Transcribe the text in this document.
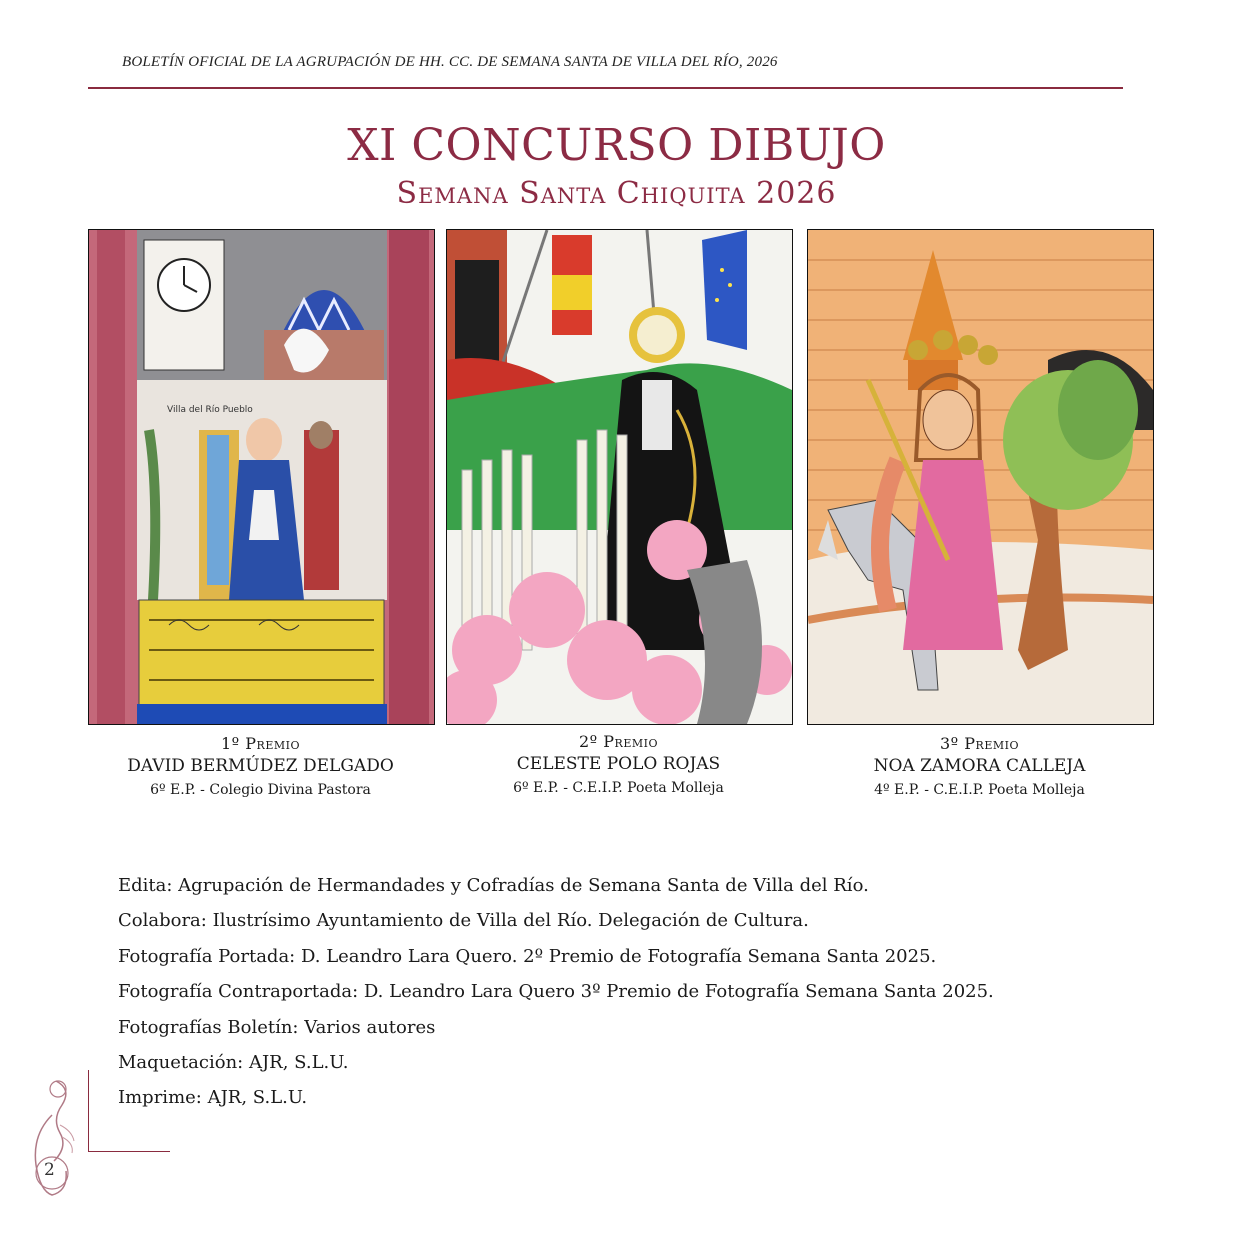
BOLETÍN OFICIAL DE LA AGRUPACIÓN DE HH. CC. DE SEMANA SANTA DE VILLA DEL RÍO, 2026
XI CONCURSO DIBUJO
Semana Santa Chiquita 2026
Villa del Río Pueblo
1º Premio
DAVID BERMÚDEZ DELGADO
6º E.P. - Colegio Divina Pastora
2º Premio
CELESTE POLO ROJAS
6º E.P. - C.E.I.P. Poeta Molleja
3º Premio
NOA ZAMORA CALLEJA
4º E.P. - C.E.I.P. Poeta Molleja
Edita: Agrupación de Hermandades y Cofradías de Semana Santa de Villa del Río.
Colabora: Ilustrísimo Ayuntamiento de Villa del Río. Delegación de Cultura.
Fotografía Portada: D. Leandro Lara Quero. 2º Premio de Fotografía Semana Santa 2025.
Fotografía Contraportada: D. Leandro Lara Quero 3º Premio de Fotografía Semana Santa 2025.
Fotografías Boletín: Varios autores
Maquetación: AJR, S.L.U.
Imprime: AJR, S.L.U.
2
